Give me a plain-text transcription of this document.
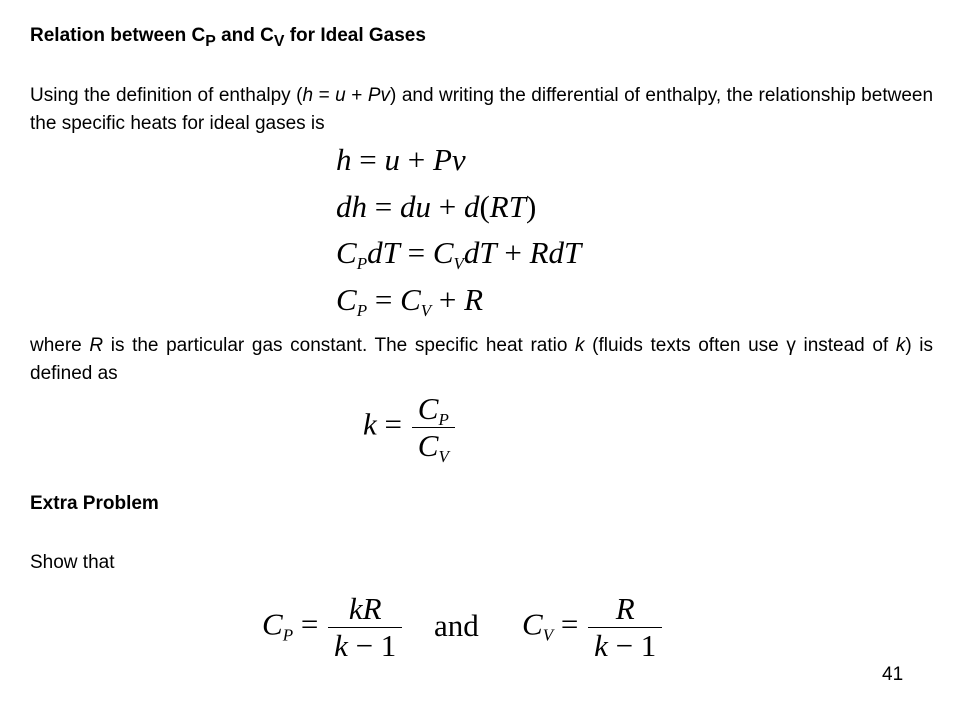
Relation between $C_P$ and $C_V$ for Ideal Gases
Using the definition of enthalpy (h = u + Pv) and writing the differential of enthalpy, the relationship between the specific heats for ideal gases is
h = u + Pv
dh = du + d(RT)
$C_PdT = C_VdT$ + RdT
$C_P = C_V + R$
where R is the particular gas constant. The specific heat ratio k (fluids texts often use γ instead of k) is defined as
$k = \frac{C_P}{C_V}$
Extra Problem
Show that
$C_P = \frac{kR}{k - 1}$ and $C_V = \frac{R}{k - 1}$
41
